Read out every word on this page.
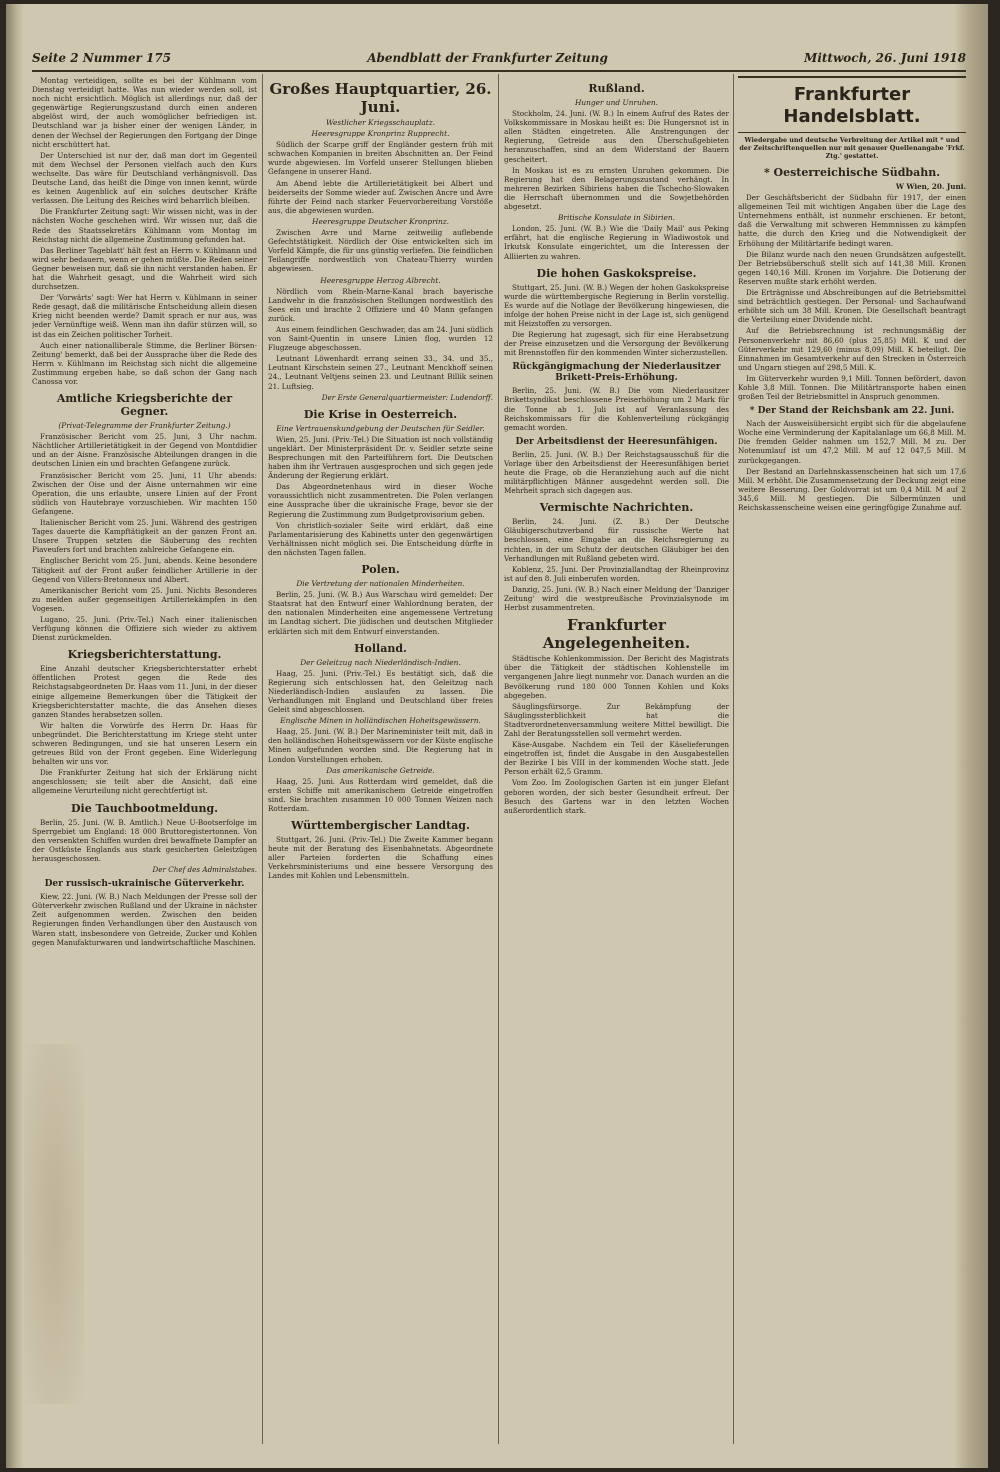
Seite 2 Nummer 175	Abendblatt der Frankfurter Zeitung	Mittwoch, 26. Juni 1918

Montag verteidigen, sollte es bei der Kühlmann vom Dienstag verteidigt hatte. Was nun wieder werden soll, ist noch nicht ersichtlich. Möglich ist allerdings nur, daß der gegenwärtige Regierungszustand durch einen anderen abgelöst wird, der auch womöglicher befriedigen ist. Deutschland war ja bisher einer der wenigen Länder, in denen der Wechsel der Regierungen den Fortgang der Dinge nicht erschüttert hat.

Der Unterschied ist nur der, daß man dort im Gegenteil mit dem Wechsel der Personen vielfach auch den Kurs wechselte. Das wäre für Deutschland verhängnisvoll. Das Deutsche Land, das heißt die Dinge von innen kennt, würde es keinen Augenblick auf ein solches deutscher Kräfte verlassen. Die Leitung des Reiches wird beharrlich bleiben.

Die Frankfurter Zeitung sagt: Wir wissen nicht, was in der nächsten Woche geschehen wird. Wir wissen nur, daß die Rede des Staatssekretärs Kühlmann vom Montag im Reichstag nicht die allgemeine Zustimmung gefunden hat.

Das Berliner Tageblatt' hält fest an Herrn v. Kühlmann und wird sehr bedauern, wenn er gehen müßte. Die Reden seiner Gegner beweisen nur, daß sie ihn nicht verstanden haben. Er hat die Wahrheit gesagt, und die Wahrheit wird sich durchsetzen.

Der 'Vorwärts' sagt: Wer hat Herrn v. Kühlmann in seiner Rede gesagt, daß die militärische Entscheidung allein diesen Krieg nicht beenden werde? Damit sprach er nur aus, was jeder Vernünftige weiß. Wenn man ihn dafür stürzen will, so ist das ein Zeichen politischer Torheit.

Auch einer nationalliberale Stimme, die Berliner Börsen-Zeitung' bemerkt, daß bei der Aussprache über die Rede des Herrn v. Kühlmann im Reichstag sich nicht die allgemeine Zustimmung ergeben habe, so daß schon der Gang nach Canossa vor.

Amtliche Kriegsberichte der Gegner.
(Privat-Telegramme der Frankfurter Zeitung.)

Französischer Bericht vom 25. Juni, 3 Uhr nachm. Nächtlicher Artillerietätigkeit in der Gegend von Montdidier und an der Aisne. Französische Abteilungen drangen in die deutschen Linien ein und brachten Gefangene zurück.

Französischer Bericht vom 25. Juni, 11 Uhr abends: Zwischen der Oise und der Aisne unternahmen wir eine Operation, die uns erlaubte, unsere Linien auf der Front südlich von Hautebraye vorzuschieben. Wir machten 150 Gefangene.

Italienischer Bericht vom 25. Juni. Während des gestrigen Tages dauerte die Kampftätigkeit an der ganzen Front an. Unsere Truppen setzten die Säuberung des rechten Piaveufers fort und brachten zahlreiche Gefangene ein.

Englischer Bericht vom 25. Juni, abends. Keine besondere Tätigkeit auf der Front außer feindlicher Artillerie in der Gegend von Villers-Bretonneux und Albert.

Amerikanischer Bericht vom 25. Juni. Nichts Besonderes zu melden außer gegenseitigen Artilleriekämpfen in den Vogesen.

Lugano, 25. Juni. (Priv.-Tel.) Nach einer italienischen Verfügung können die Offiziere sich wieder zu aktivem Dienst zurückmelden.

Kriegsberichterstattung.

Eine Anzahl deutscher Kriegsberichterstatter erhebt öffentlichen Protest gegen die Rede des Reichstagsabgeordneten Dr. Haas vom 11. Juni, in der dieser einige allgemeine Bemerkungen über die Tätigkeit der Kriegsberichterstatter machte, die das Ansehen dieses ganzen Standes herabsetzen sollen.

Wir halten die Vorwürfe des Herrn Dr. Haas für unbegründet. Die Berichterstattung im Kriege steht unter schweren Bedingungen, und sie hat unseren Lesern ein getreues Bild von der Front gegeben. Eine Widerlegung behalten wir uns vor.

Die Frankfurter Zeitung hat sich der Erklärung nicht angeschlossen; sie teilt aber die Ansicht, daß eine allgemeine Verurteilung nicht gerechtfertigt ist.

Die Tauchbootmeldung.

Berlin, 25. Juni. (W. B. Amtlich.) Neue U-Bootserfolge im Sperrgebiet um England: 18 000 Bruttoregistertonnen. Von den versenkten Schiffen wurden drei bewaffnete Dampfer an der Ostküste Englands aus stark gesicherten Geleitzügen herausgeschossen.

Der Chef des Admiralstabes.
Der russisch-ukrainische Güterverkehr.

Kiew, 22. Juni. (W. B.) Nach Meldungen der Presse soll der Güterverkehr zwischen Rußland und der Ukraine in nächster Zeit aufgenommen werden. Zwischen den beiden Regierungen finden Verhandlungen über den Austausch von Waren statt, insbesondere von Getreide, Zucker und Kohlen gegen Manufakturwaren und landwirtschaftliche Maschinen.

Großes Hauptquartier, 26. Juni.
Westlicher Kriegsschauplatz.
Heeresgruppe Kronprinz Rupprecht.

Südlich der Scarpe griff der Engländer gestern früh mit schwachen Kompanien in breiten Abschnitten an. Der Feind wurde abgewiesen. Im Vorfeld unserer Stellungen blieben Gefangene in unserer Hand.

Am Abend lebte die Artillerietätigkeit bei Albert und beiderseits der Somme wieder auf. Zwischen Ancre und Avre führte der Feind nach starker Feuervorbereitung Vorstöße aus, die abgewiesen wurden.

Heeresgruppe Deutscher Kronprinz.

Zwischen Avre und Marne zeitweilig auflebende Gefechtstätigkeit. Nördlich der Oise entwickelten sich im Vorfeld Kämpfe, die für uns günstig verliefen. Die feindlichen Teilangriffe nordwestlich von Chateau-Thierry wurden abgewiesen.

Heeresgruppe Herzog Albrecht.

Nördlich vom Rhein-Marne-Kanal brach bayerische Landwehr in die französischen Stellungen nordwestlich des Sees ein und brachte 2 Offiziere und 40 Mann gefangen zurück.

Aus einem feindlichen Geschwader, das am 24. Juni südlich von Saint-Quentin in unsere Linien flog, wurden 12 Flugzeuge abgeschossen.

Leutnant Löwenhardt errang seinen 33., 34. und 35., Leutnant Kirschstein seinen 27., Leutnant Menckhoff seinen 24., Leutnant Veltjens seinen 23. und Leutnant Billik seinen 21. Luftsieg.

Der Erste Generalquartiermeister: Ludendorff.
Die Krise in Oesterreich.
Eine Vertrauenskundgebung der Deutschen für Seidler.

Wien, 25. Juni. (Priv.-Tel.) Die Situation ist noch vollständig ungeklärt. Der Ministerpräsident Dr. v. Seidler setzte seine Besprechungen mit den Parteiführern fort. Die Deutschen haben ihm ihr Vertrauen ausgesprochen und sich gegen jede Änderung der Regierung erklärt.

Das Abgeordnetenhaus wird in dieser Woche voraussichtlich nicht zusammentreten. Die Polen verlangen eine Aussprache über die ukrainische Frage, bevor sie der Regierung die Zustimmung zum Budgetprovisorium geben.

Von christlich-sozialer Seite wird erklärt, daß eine Parlamentarisierung des Kabinetts unter den gegenwärtigen Verhältnissen nicht möglich sei. Die Entscheidung dürfte in den nächsten Tagen fallen.

Polen.
Die Vertretung der nationalen Minderheiten.

Berlin, 25. Juni. (W. B.) Aus Warschau wird gemeldet: Der Staatsrat hat den Entwurf einer Wahlordnung beraten, der den nationalen Minderheiten eine angemessene Vertretung im Landtag sichert. Die jüdischen und deutschen Mitglieder erklärten sich mit dem Entwurf einverstanden.

Holland.
Der Geleitzug nach Niederländisch-Indien.

Haag, 25. Juni. (Priv.-Tel.) Es bestätigt sich, daß die Regierung sich entschlossen hat, den Geleitzug nach Niederländisch-Indien auslaufen zu lassen. Die Verhandlungen mit England und Deutschland über freies Geleit sind abgeschlossen.

Englische Minen in holländischen Hoheitsgewässern.

Haag, 25. Juni. (W. B.) Der Marineminister teilt mit, daß in den holländischen Hoheitsgewässern vor der Küste englische Minen aufgefunden worden sind. Die Regierung hat in London Vorstellungen erhoben.

Das amerikanische Getreide.

Haag, 25. Juni. Aus Rotterdam wird gemeldet, daß die ersten Schiffe mit amerikanischem Getreide eingetroffen sind. Sie brachten zusammen 10 000 Tonnen Weizen nach Rotterdam.

Württembergischer Landtag.

Stuttgart, 26. Juni. (Priv.-Tel.) Die Zweite Kammer begann heute mit der Beratung des Eisenbahnetats. Abgeordnete aller Parteien forderten die Schaffung eines Verkehrsministeriums und eine bessere Versorgung des Landes mit Kohlen und Lebensmitteln.

Rußland.
Hunger und Unruhen.

Stockholm, 24. Juni. (W. B.) In einem Aufruf des Rates der Volkskommissare in Moskau heißt es: Die Hungersnot ist in allen Städten eingetreten. Alle Anstrengungen der Regierung, Getreide aus den Überschußgebieten heranzuschaffen, sind an dem Widerstand der Bauern gescheitert.

In Moskau ist es zu ernsten Unruhen gekommen. Die Regierung hat den Belagerungszustand verhängt. In mehreren Bezirken Sibiriens haben die Tschecho-Slowaken die Herrschaft übernommen und die Sowjetbehörden abgesetzt.

Britische Konsulate in Sibirien.

London, 25. Juni. (W. B.) Wie die 'Daily Mail' aus Peking erfährt, hat die englische Regierung in Wladiwostok und Irkutsk Konsulate eingerichtet, um die Interessen der Alliierten zu wahren.

Die hohen Gaskokspreise.

Stuttgart, 25. Juni. (W. B.) Wegen der hohen Gaskokspreise wurde die württembergische Regierung in Berlin vorstellig. Es wurde auf die Notlage der Bevölkerung hingewiesen, die infolge der hohen Preise nicht in der Lage ist, sich genügend mit Heizstoffen zu versorgen.

Die Regierung hat zugesagt, sich für eine Herabsetzung der Preise einzusetzen und die Versorgung der Bevölkerung mit Brennstoffen für den kommenden Winter sicherzustellen.

Rückgängigmachung der Niederlausitzer Brikett-Preis-Erhöhung.

Berlin, 25. Juni. (W. B.) Die vom Niederlausitzer Brikettsyndikat beschlossene Preiserhöhung um 2 Mark für die Tonne ab 1. Juli ist auf Veranlassung des Reichskommissars für die Kohlenverteilung rückgängig gemacht worden.

Der Arbeitsdienst der Heeresunfähigen.

Berlin, 25. Juni. (W. B.) Der Reichstagsausschuß für die Vorlage über den Arbeitsdienst der Heeresunfähigen beriet heute die Frage, ob die Heranziehung auch auf die nicht militärpflichtigen Männer ausgedehnt werden soll. Die Mehrheit sprach sich dagegen aus.

Vermischte Nachrichten.

Berlin, 24. Juni. (Z. B.) Der Deutsche Gläubigerschutzverband für russische Werte hat beschlossen, eine Eingabe an die Reichsregierung zu richten, in der um Schutz der deutschen Gläubiger bei den Verhandlungen mit Rußland gebeten wird.

Koblenz, 25. Juni. Der Provinziallandtag der Rheinprovinz ist auf den 8. Juli einberufen worden.

Danzig, 25. Juni. (W. B.) Nach einer Meldung der 'Danziger Zeitung' wird die westpreußische Provinzialsynode im Herbst zusammentreten.

Frankfurter Angelegenheiten.

Städtische Kohlenkommission. Der Bericht des Magistrats über die Tätigkeit der städtischen Kohlenstelle im vergangenen Jahre liegt nunmehr vor. Danach wurden an die Bevölkerung rund 180 000 Tonnen Kohlen und Koks abgegeben.

Säuglingsfürsorge. Zur Bekämpfung der Säuglingssterblichkeit hat die Stadtverordnetenversammlung weitere Mittel bewilligt. Die Zahl der Beratungsstellen soll vermehrt werden.

Käse-Ausgabe. Nachdem ein Teil der Käselieferungen eingetroffen ist, findet die Ausgabe in den Ausgabestellen der Bezirke I bis VIII in der kommenden Woche statt. Jede Person erhält 62,5 Gramm.

Vom Zoo. Im Zoologischen Garten ist ein junger Elefant geboren worden, der sich bester Gesundheit erfreut. Der Besuch des Gartens war in den letzten Wochen außerordentlich stark.

Frankfurter Handelsblatt.
Wiedergabe und deutsche Verbreitung der Artikel mit * und der Zeitschriftenquellen nur mit genauer Quellenangabe 'Frkf. Ztg.' gestattet.
* Oesterreichische Südbahn.
W Wien, 20. Juni.

Der Geschäftsbericht der Südbahn für 1917, der einen allgemeinen Teil mit wichtigen Angaben über die Lage des Unternehmens enthält, ist nunmehr erschienen. Er betont, daß die Verwaltung mit schweren Hemmnissen zu kämpfen hatte, die durch den Krieg und die Notwendigkeit der Erhöhung der Militärtarife bedingt waren.

Die Bilanz wurde nach den neuen Grundsätzen aufgestellt. Der Betriebsüberschuß stellt sich auf 141,38 Mill. Kronen gegen 140,16 Mill. Kronen im Vorjahre. Die Dotierung der Reserven mußte stark erhöht werden.

Die Erträgnisse und Abschreibungen auf die Betriebsmittel sind beträchtlich gestiegen. Der Personal- und Sachaufwand erhöhte sich um 38 Mill. Kronen. Die Gesellschaft beantragt die Verteilung einer Dividende nicht.

Auf die Betriebsrechnung ist rechnungsmäßig der Personenverkehr mit 86,60 (plus 25,85) Mill. K und der Güterverkehr mit 129,60 (minus 8,09) Mill. K beteiligt. Die Einnahmen im Gesamtverkehr auf den Strecken in Österreich und Ungarn stiegen auf 298,5 Mill. K.

Im Güterverkehr wurden 9,1 Mill. Tonnen befördert, davon Kohle 3,8 Mill. Tonnen. Die Militärtransporte haben einen großen Teil der Betriebsmittel in Anspruch genommen.

* Der Stand der Reichsbank am 22. Juni.

Nach der Ausweisübersicht ergibt sich für die abgelaufene Woche eine Verminderung der Kapitalanlage um 66,8 Mill. M. Die fremden Gelder nahmen um 152,7 Mill. M zu. Der Notenumlauf ist um 47,2 Mill. M auf 12 047,5 Mill. M zurückgegangen.

Der Bestand an Darlehnskassenscheinen hat sich um 17,6 Mill. M erhöht. Die Zusammensetzung der Deckung zeigt eine weitere Besserung. Der Goldvorrat ist um 0,4 Mill. M auf 2 345,6 Mill. M gestiegen. Die Silbermünzen und Reichskassenscheine weisen eine geringfügige Zunahme auf.
